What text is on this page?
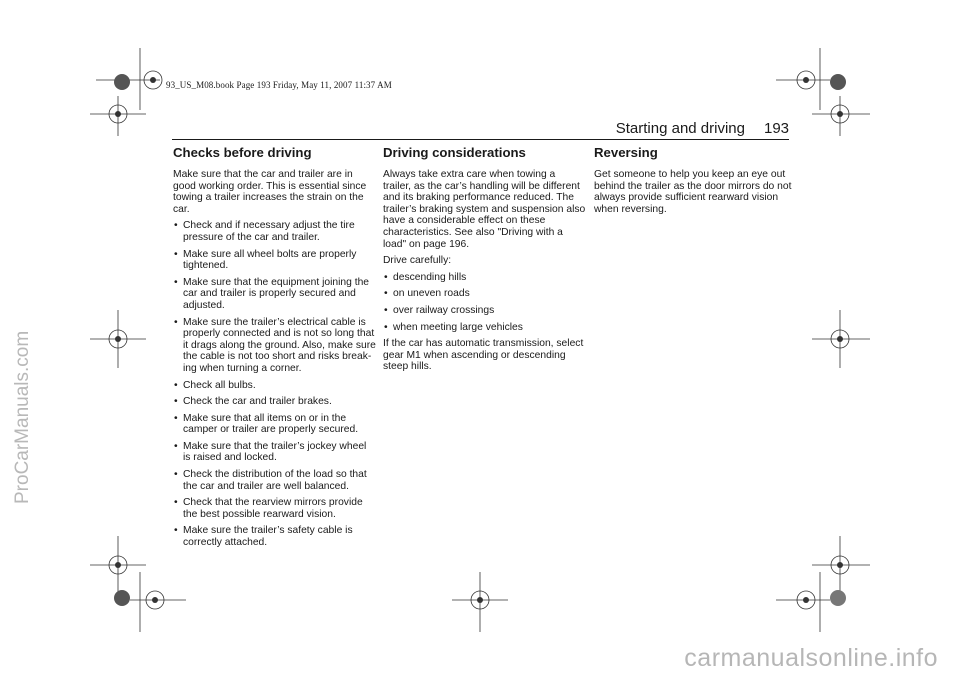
93_US_M08.book Page 193 Friday, May 11, 2007 11:37 AM
Starting and driving 193
Checks before driving

Make sure that the car and trailer are in good working order. This is essential since towing a trailer increases the strain on the car.

• Check and if necessary adjust the tire pressure of the car and trailer.
• Make sure all wheel bolts are properly tightened.
• Make sure that the equipment joining the car and trailer is properly secured and adjusted.
• Make sure the trailer’s electrical cable is properly connected and is not so long that it drags along the ground. Also, make sure the cable is not too short and risks break-ing when turning a corner.
• Check all bulbs.
• Check the car and trailer brakes.
• Make sure that all items on or in the camper or trailer are properly secured.
• Make sure that the trailer’s jockey wheel is raised and locked.
• Check the distribution of the load so that the car and trailer are well balanced.
• Check that the rearview mirrors provide the best possible rearward vision.
• Make sure the trailer’s safety cable is correctly attached.
Driving considerations

Always take extra care when towing a trailer, as the car’s handling will be different and its braking performance reduced. The trailer’s braking system and suspension also have a considerable effect on these characteristics. See also "Driving with a load" on page 196.

Drive carefully:

• descending hills
• on uneven roads
• over railway crossings
• when meeting large vehicles

If the car has automatic transmission, select gear M1 when ascending or descending steep hills.

Reversing

Get someone to help you keep an eye out behind the trailer as the door mirrors do not always provide sufficient rearward vision when reversing.

ProCarManuals.com
carmanualsonline.info
